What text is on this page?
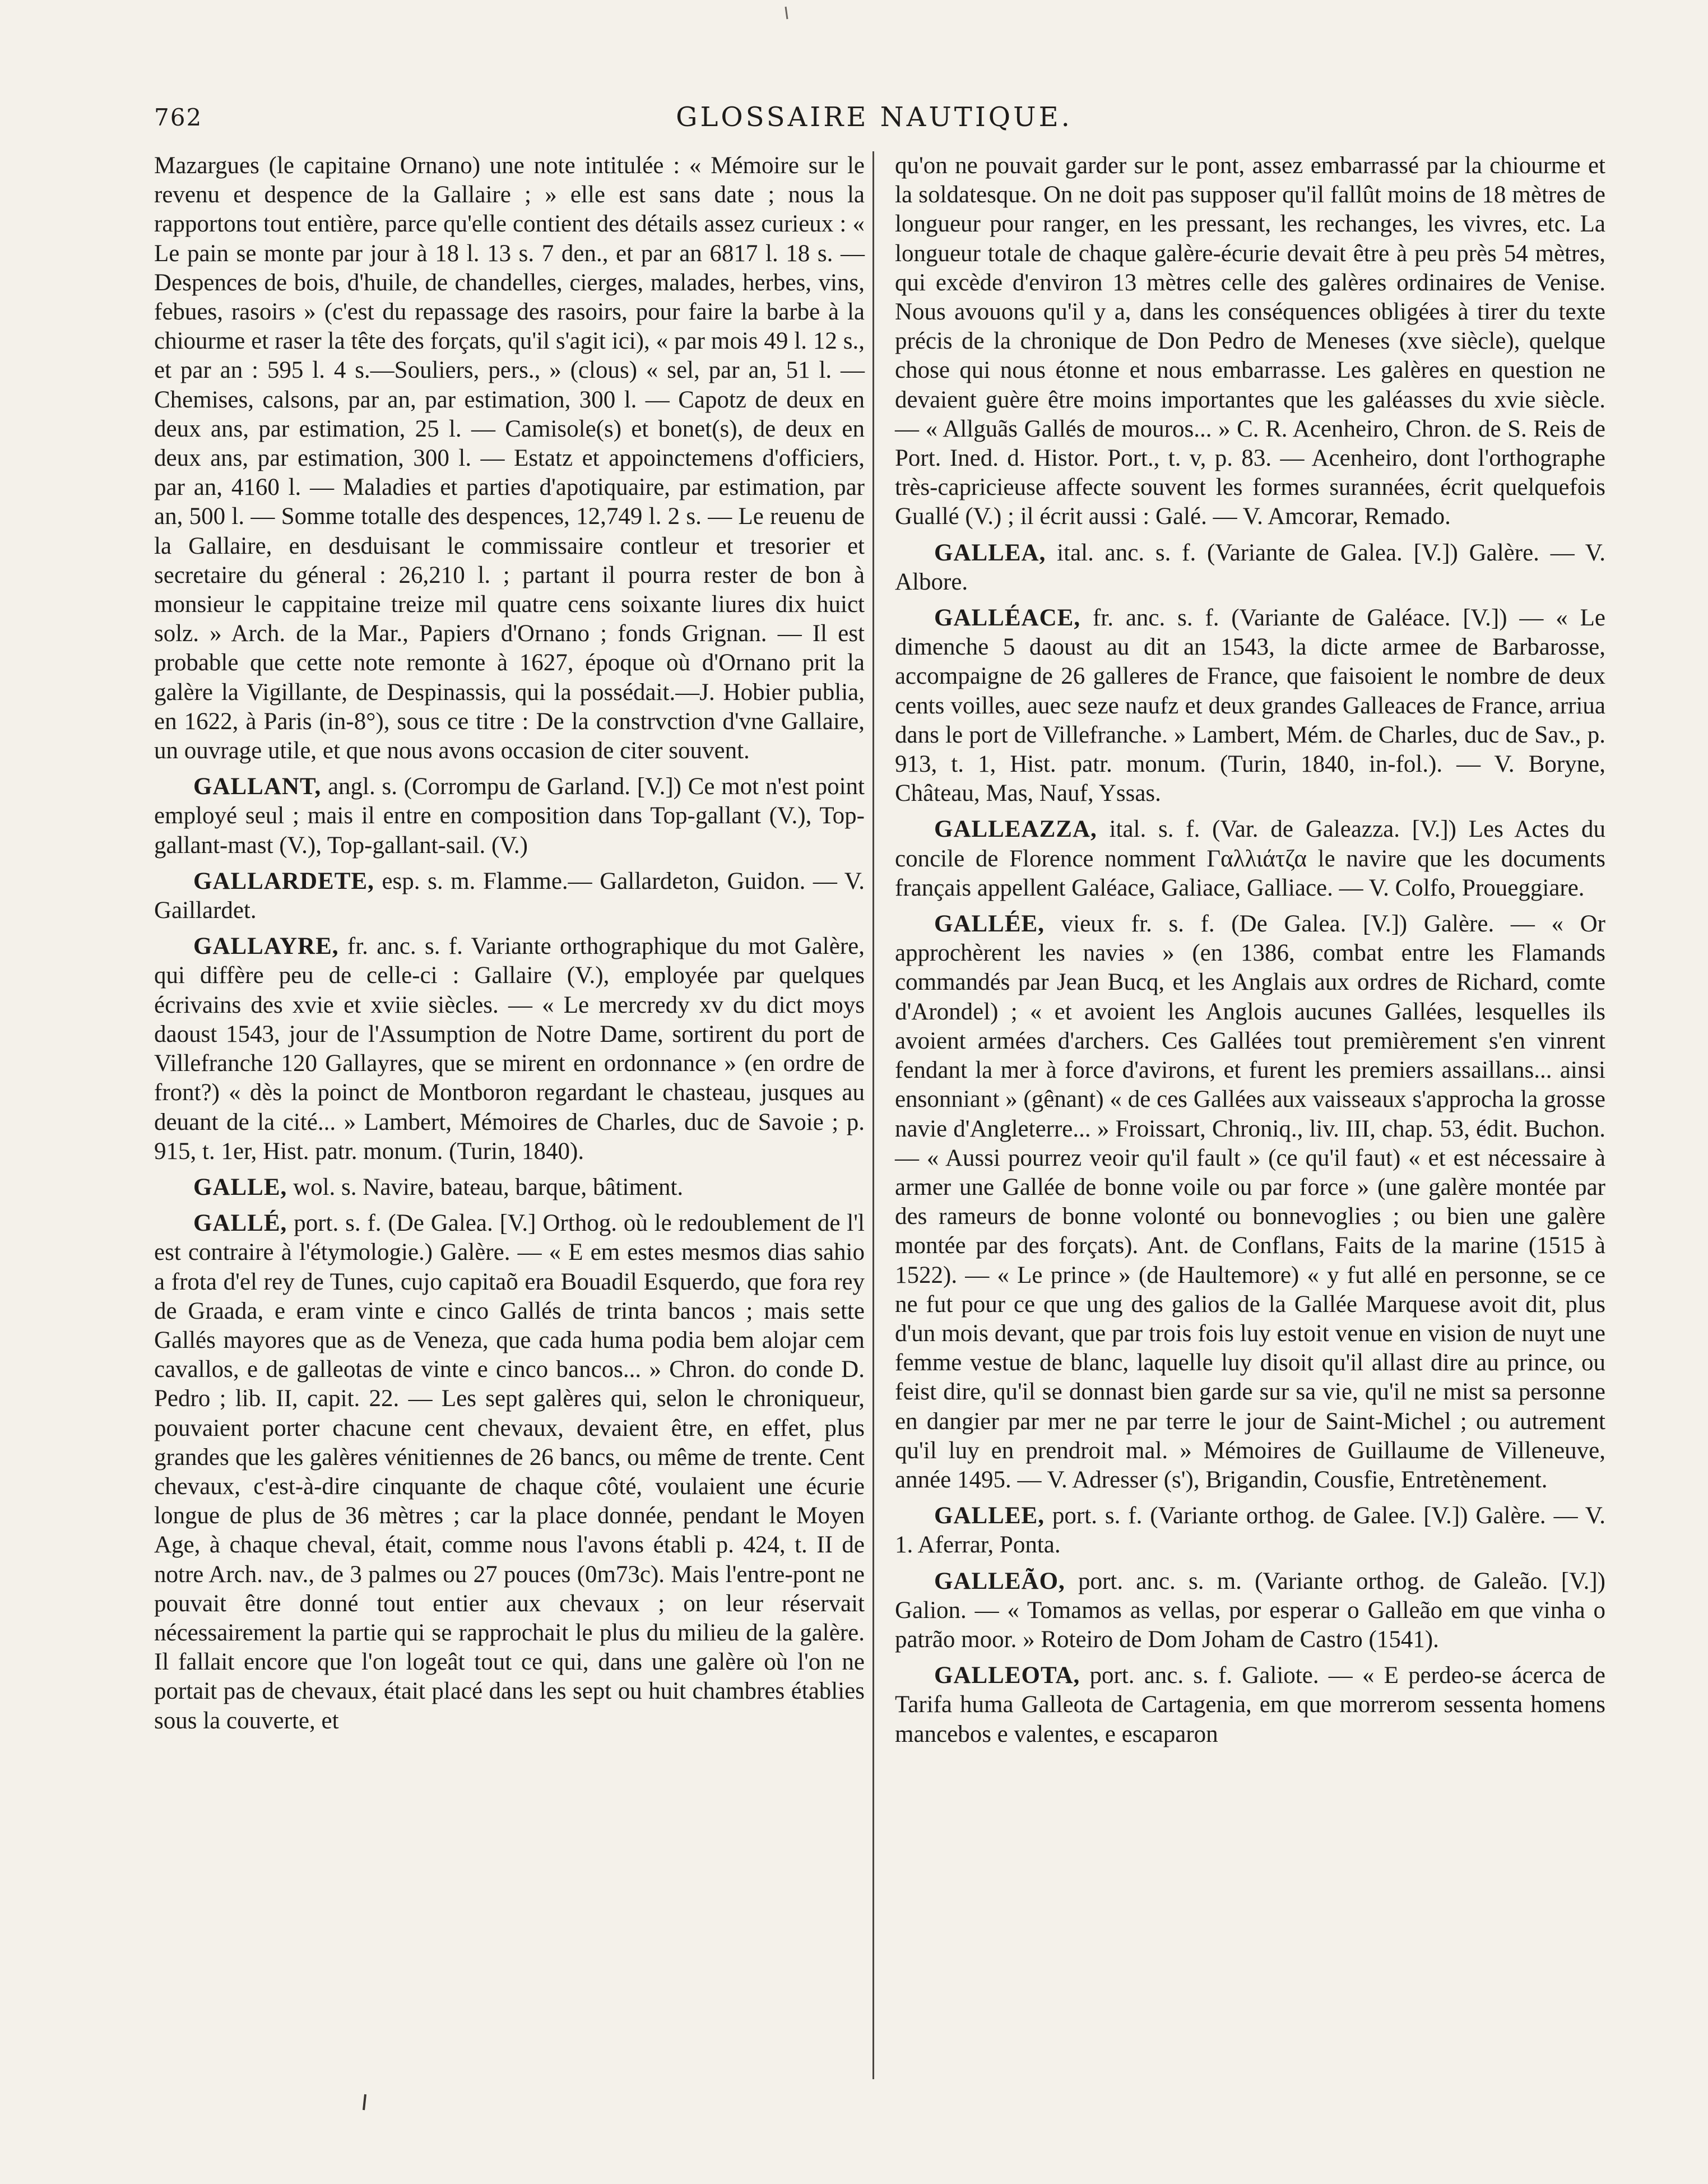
762	GLOSSAIRE NAUTIQUE.

Mazargues (le capitaine Ornano) une note intitulée : « Mémoire sur le revenu et despence de la Gallaire ; » elle est sans date ; nous la rapportons tout entière, parce qu'elle contient des détails assez curieux : « Le pain se monte par jour à 18 l. 13 s. 7 den., et par an 6817 l. 18 s. — Despences de bois, d'huile, de chandelles, cierges, malades, herbes, vins, febues, rasoirs » (c'est du repassage des rasoirs, pour faire la barbe à la chiourme et raser la tête des forçats, qu'il s'agit ici), « par mois 49 l. 12 s., et par an : 595 l. 4 s.—Souliers, pers., » (clous) « sel, par an, 51 l. —Chemises, calsons, par an, par estimation, 300 l. — Capotz de deux en deux ans, par estimation, 25 l. — Camisole(s) et bonet(s), de deux en deux ans, par estimation, 300 l. — Estatz et appoinctemens d'officiers, par an, 4160 l. — Maladies et parties d'apotiquaire, par estimation, par an, 500 l. — Somme totalle des despences, 12,749 l. 2 s. — Le reuenu de la Gallaire, en desduisant le commissaire contleur et tresorier et secretaire du géneral : 26,210 l. ; partant il pourra rester de bon à monsieur le cappitaine treize mil quatre cens soixante liures dix huict solz. » Arch. de la Mar., Papiers d'Ornano ; fonds Grignan. — Il est probable que cette note remonte à 1627, époque où d'Ornano prit la galère la Vigillante, de Despinassis, qui la possédait.—J. Hobier publia, en 1622, à Paris (in-8°), sous ce titre : De la constrvction d'vne Gallaire, un ouvrage utile, et que nous avons occasion de citer souvent.

GALLANT, angl. s. (Corrompu de Garland. [V.]) Ce mot n'est point employé seul ; mais il entre en composition dans Top-gallant (V.), Top-gallant-mast (V.), Top-gallant-sail. (V.)

GALLARDETE, esp. s. m. Flamme.— Gallardeton, Guidon. — V. Gaillardet.

GALLAYRE, fr. anc. s. f. Variante orthographique du mot Galère, qui diffère peu de celle-ci : Gallaire (V.), employée par quelques écrivains des xvie et xviie siècles. — « Le mercredy xv du dict moys daoust 1543, jour de l'Assumption de Notre Dame, sortirent du port de Villefranche 120 Gallayres, que se mirent en ordonnance » (en ordre de front?) « dès la poinct de Montboron regardant le chasteau, jusques au deuant de la cité... » Lambert, Mémoires de Charles, duc de Savoie ; p. 915, t. 1er, Hist. patr. monum. (Turin, 1840).

GALLE, wol. s. Navire, bateau, barque, bâtiment.

GALLÉ, port. s. f. (De Galea. [V.] Orthog. où le redoublement de l'l est contraire à l'étymologie.) Galère. — « E em estes mesmos dias sahio a frota d'el rey de Tunes, cujo capitaõ era Bouadil Esquerdo, que fora rey de Graada, e eram vinte e cinco Gallés de trinta bancos ; mais sette Gallés mayores que as de Veneza, que cada huma podia bem alojar cem cavallos, e de galleotas de vinte e cinco bancos... » Chron. do conde D. Pedro ; lib. II, capit. 22. — Les sept galères qui, selon le chroniqueur, pouvaient porter chacune cent chevaux, devaient être, en effet, plus grandes que les galères vénitiennes de 26 bancs, ou même de trente. Cent chevaux, c'est-à-dire cinquante de chaque côté, voulaient une écurie longue de plus de 36 mètres ; car la place donnée, pendant le Moyen Age, à chaque cheval, était, comme nous l'avons établi p. 424, t. II de notre Arch. nav., de 3 palmes ou 27 pouces (0m73c). Mais l'entre-pont ne pouvait être donné tout entier aux chevaux ; on leur réservait nécessairement la partie qui se rapprochait le plus du milieu de la galère. Il fallait encore que l'on logeât tout ce qui, dans une galère où l'on ne portait pas de chevaux, était placé dans les sept ou huit chambres établies sous la couverte, et

qu'on ne pouvait garder sur le pont, assez embarrassé par la chiourme et la soldatesque. On ne doit pas supposer qu'il fallût moins de 18 mètres de longueur pour ranger, en les pressant, les rechanges, les vivres, etc. La longueur totale de chaque galère-écurie devait être à peu près 54 mètres, qui excède d'environ 13 mètres celle des galères ordinaires de Venise. Nous avouons qu'il y a, dans les conséquences obligées à tirer du texte précis de la chronique de Don Pedro de Meneses (xve siècle), quelque chose qui nous étonne et nous embarrasse. Les galères en question ne devaient guère être moins importantes que les galéasses du xvie siècle. — « Allguãs Gallés de mouros... » C. R. Acenheiro, Chron. de S. Reis de Port. Ined. d. Histor. Port., t. v, p. 83. — Acenheiro, dont l'orthographe très-capricieuse affecte souvent les formes surannées, écrit quelquefois Guallé (V.) ; il écrit aussi : Galé. — V. Amcorar, Remado.

GALLEA, ital. anc. s. f. (Variante de Galea. [V.]) Galère. — V. Albore.

GALLÉACE, fr. anc. s. f. (Variante de Galéace. [V.]) — « Le dimenche 5 daoust au dit an 1543, la dicte armee de Barbarosse, accompaigne de 26 galleres de France, que faisoient le nombre de deux cents voilles, auec seze naufz et deux grandes Galleaces de France, arriua dans le port de Villefranche. » Lambert, Mém. de Charles, duc de Sav., p. 913, t. 1, Hist. patr. monum. (Turin, 1840, in-fol.). — V. Boryne, Château, Mas, Nauf, Yssas.

GALLEAZZA, ital. s. f. (Var. de Galeazza. [V.]) Les Actes du concile de Florence nomment Γαλλιάτζα le navire que les documents français appellent Galéace, Galiace, Galliace. — V. Colfo, Proueggiare.

GALLÉE, vieux fr. s. f. (De Galea. [V.]) Galère. — « Or approchèrent les navies » (en 1386, combat entre les Flamands commandés par Jean Bucq, et les Anglais aux ordres de Richard, comte d'Arondel) ; « et avoient les Anglois aucunes Gallées, lesquelles ils avoient armées d'archers. Ces Gallées tout premièrement s'en vinrent fendant la mer à force d'avirons, et furent les premiers assaillans... ainsi ensonniant » (gênant) « de ces Gallées aux vaisseaux s'approcha la grosse navie d'Angleterre... » Froissart, Chroniq., liv. III, chap. 53, édit. Buchon. — « Aussi pourrez veoir qu'il fault » (ce qu'il faut) « et est nécessaire à armer une Gallée de bonne voile ou par force » (une galère montée par des rameurs de bonne volonté ou bonnevoglies ; ou bien une galère montée par des forçats). Ant. de Conflans, Faits de la marine (1515 à 1522). — « Le prince » (de Haultemore) « y fut allé en personne, se ce ne fut pour ce que ung des galios de la Gallée Marquese avoit dit, plus d'un mois devant, que par trois fois luy estoit venue en vision de nuyt une femme vestue de blanc, laquelle luy disoit qu'il allast dire au prince, ou feist dire, qu'il se donnast bien garde sur sa vie, qu'il ne mist sa personne en dangier par mer ne par terre le jour de Saint-Michel ; ou autrement qu'il luy en prendroit mal. » Mémoires de Guillaume de Villeneuve, année 1495. — V. Adresser (s'), Brigandin, Cousfie, Entretènement.

GALLEE, port. s. f. (Variante orthog. de Galee. [V.]) Galère. — V. 1. Aferrar, Ponta.

GALLEÃO, port. anc. s. m. (Variante orthog. de Galeão. [V.]) Galion. — « Tomamos as vellas, por esperar o Galleão em que vinha o patrão moor. » Roteiro de Dom Joham de Castro (1541).

GALLEOTA, port. anc. s. f. Galiote. — « E perdeo-se ácerca de Tarifa huma Galleota de Cartagenia, em que morrerom sessenta homens mancebos e valentes, e escaparon
